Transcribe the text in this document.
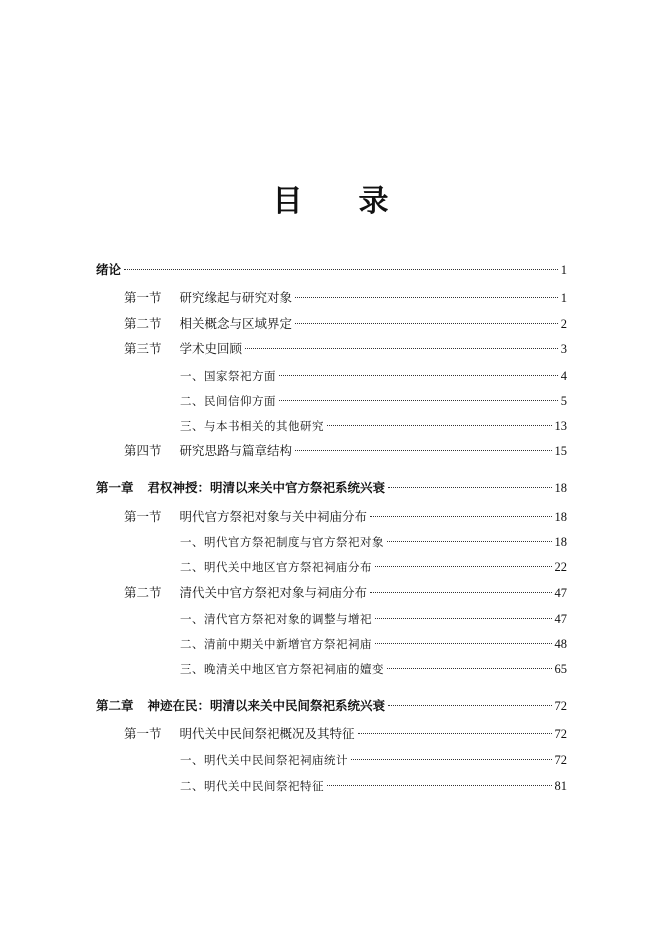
目 录
绪论	1
第一节 研究缘起与研究对象	1
第二节 相关概念与区域界定	2
第三节 学术史回顾	3
一、国家祭祀方面	4
二、民间信仰方面	5
三、与本书相关的其他研究	13
第四节 研究思路与篇章结构	15
第一章 君权神授：明清以来关中官方祭祀系统兴衰	18
第一节 明代官方祭祀对象与关中祠庙分布	18
一、明代官方祭祀制度与官方祭祀对象	18
二、明代关中地区官方祭祀祠庙分布	22
第二节 清代关中官方祭祀对象与祠庙分布	47
一、清代官方祭祀对象的调整与增祀	47
二、清前中期关中新增官方祭祀祠庙	48
三、晚清关中地区官方祭祀祠庙的嬗变	65
第二章 神迹在民：明清以来关中民间祭祀系统兴衰	72
第一节 明代关中民间祭祀概况及其特征	72
一、明代关中民间祭祀祠庙统计	72
二、明代关中民间祭祀特征	81
